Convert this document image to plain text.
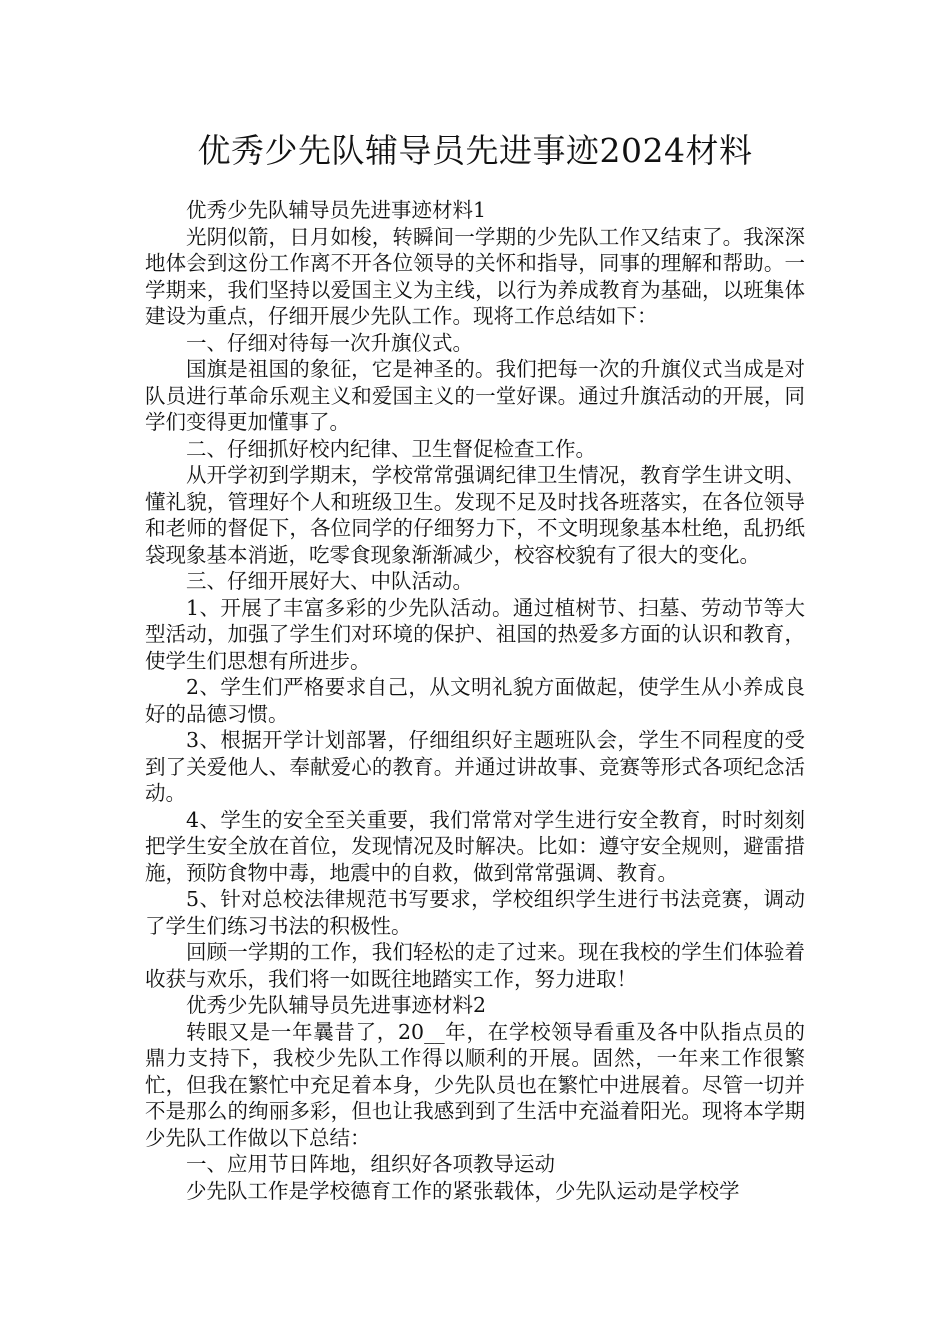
优秀少先队辅导员先进事迹2024材料

优秀少先队辅导员先进事迹材料1

光阴似箭，日月如梭，转瞬间一学期的少先队工作又结束了。我深深地体会到这份工作离不开各位领导的关怀和指导，同事的理解和帮助。一学期来，我们坚持以爱国主义为主线，以行为养成教育为基础，以班集体建设为重点，仔细开展少先队工作。现将工作总结如下：

一、仔细对待每一次升旗仪式。

国旗是祖国的象征，它是神圣的。我们把每一次的升旗仪式当成是对队员进行革命乐观主义和爱国主义的一堂好课。通过升旗活动的开展，同学们变得更加懂事了。

二、仔细抓好校内纪律、卫生督促检查工作。

从开学初到学期末，学校常常强调纪律卫生情况，教育学生讲文明、懂礼貌，管理好个人和班级卫生。发现不足及时找各班落实，在各位领导和老师的督促下，各位同学的仔细努力下，不文明现象基本杜绝，乱扔纸袋现象基本消逝，吃零食现象渐渐减少，校容校貌有了很大的变化。

三、仔细开展好大、中队活动。

1、开展了丰富多彩的少先队活动。通过植树节、扫墓、劳动节等大型活动，加强了学生们对环境的保护、祖国的热爱多方面的认识和教育，使学生们思想有所进步。

2、学生们严格要求自己，从文明礼貌方面做起，使学生从小养成良好的品德习惯。

3、根据开学计划部署，仔细组织好主题班队会，学生不同程度的受到了关爱他人、奉献爱心的教育。并通过讲故事、竞赛等形式各项纪念活动。

4、学生的安全至关重要，我们常常对学生进行安全教育，时时刻刻把学生安全放在首位，发现情况及时解决。比如：遵守安全规则，避雷措施，预防食物中毒，地震中的自救，做到常常强调、教育。

5、针对总校法律规范书写要求，学校组织学生进行书法竞赛，调动了学生们练习书法的积极性。

回顾一学期的工作，我们轻松的走了过来。现在我校的学生们体验着收获与欢乐，我们将一如既往地踏实工作，努力进取！

优秀少先队辅导员先进事迹材料2

转眼又是一年曩昔了，20__年，在学校领导看重及各中队指点员的鼎力支持下，我校少先队工作得以顺利的开展。固然，一年来工作很繁忙，但我在繁忙中充足着本身，少先队员也在繁忙中进展着。尽管一切并不是那么的绚丽多彩，但也让我感到到了生活中充溢着阳光。现将本学期少先队工作做以下总结：

一、应用节日阵地，组织好各项教导运动

少先队工作是学校德育工作的紧张载体，少先队运动是学校学
